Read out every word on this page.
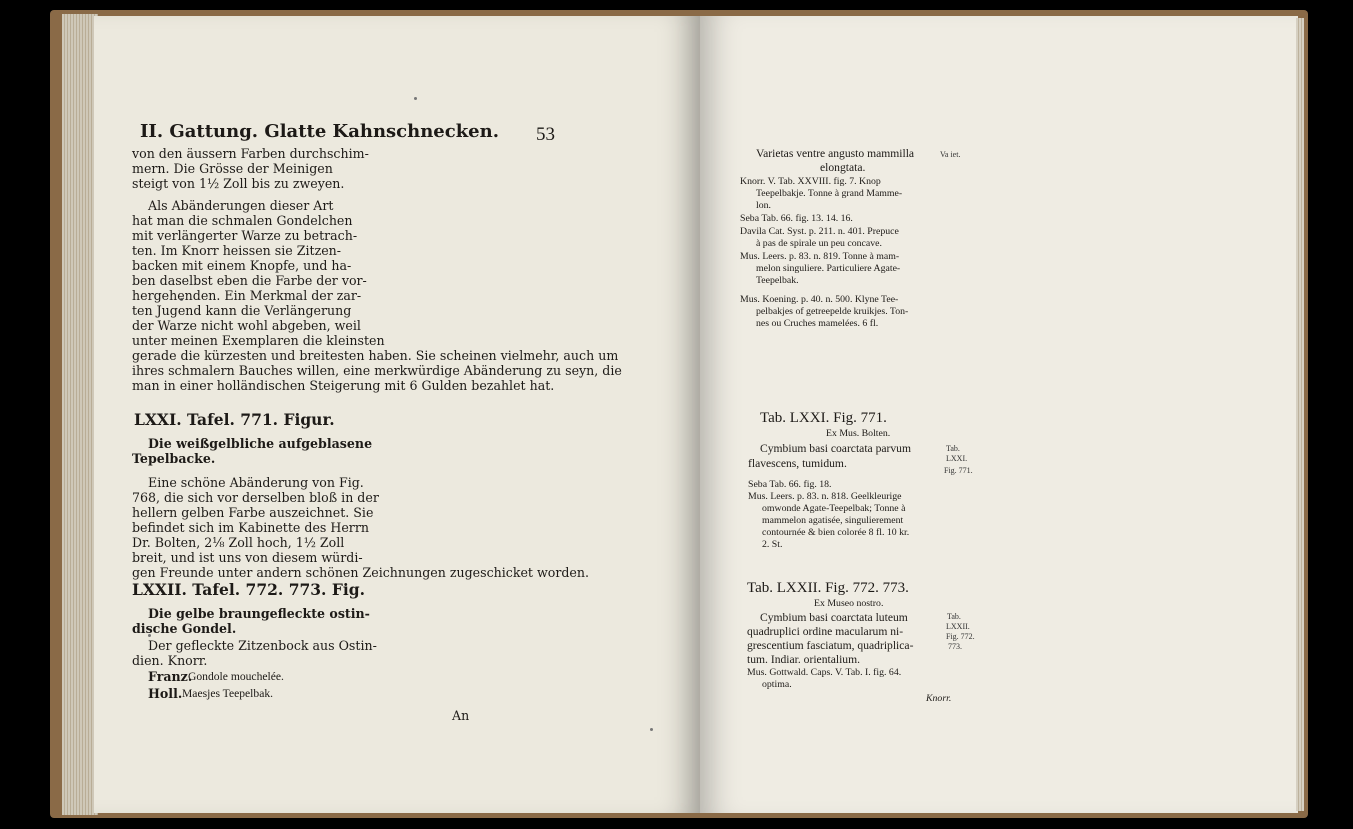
II. Gattung. Glatte Kahnschnecken. 53
von den äussern Farben durchschim-
mern. Die Grösse der Meinigen
steigt von 1½ Zoll bis zu zweyen.
Als Abänderungen dieser Art
hat man die schmalen Gondelchen
mit verlängerter Warze zu betrach-
ten. Im Knorr heissen sie Zitzen-
backen mit einem Knopfe, und ha-
ben daselbst eben die Farbe der vor-
hergehenden. Ein Merkmal der zar-
ten Jugend kann die Verlängerung
der Warze nicht wohl abgeben, weil
unter meinen Exemplaren die kleinsten
gerade die kürzesten und breitesten haben. Sie scheinen vielmehr, auch um
ihres schmalern Bauches willen, eine merkwürdige Abänderung zu seyn, die
man in einer holländischen Steigerung mit 6 Gulden bezahlet hat.
LXXI. Tafel. 771. Figur.
Die weißgelbliche aufgeblasene
Tepelbacke.
Eine schöne Abänderung von Fig.
768, die sich vor derselben bloß in der
hellern gelben Farbe auszeichnet. Sie
befindet sich im Kabinette des Herrn
Dr. Bolten, 2⅛ Zoll hoch, 1½ Zoll
breit, und ist uns von diesem würdi-
gen Freunde unter andern schönen Zeichnungen zugeschicket worden.
LXXII. Tafel. 772. 773. Fig.
Die gelbe braungefleckte ostin-
dische Gondel.
Der gefleckte Zitzenbock aus Ostin-
dien. Knorr.
Franz.
Gondole mouchelée.
Holl. Maesjes Teepelbak.
An
Varietas ventre angusto mammilla
elongtata.
Va iet.
Knorr. V. Tab. XXVIII. fig. 7. Knop
Teepelbakje. Tonne à grand Mamme-
lon.
Seba Tab. 66. fig. 13. 14. 16.
Davila Cat. Syst. p. 211. n. 401. Prepuce
à pas de spirale un peu concave.
Mus. Leers. p. 83. n. 819. Tonne à mam-
melon singuliere. Particuliere Agate-
Teepelbak.
Mus. Koening. p. 40. n. 500. Klyne Tee-
pelbakjes of getreepelde kruikjes. Ton-
nes ou Cruches mamelées. 6 fl.
Tab. LXXI. Fig. 771.
Ex Mus. Bolten.
Cymbium basi coarctata parvum
flavescens, tumidum.
Tab.
LXXI.
Fig. 771.
Seba Tab. 66. fig. 18.
Mus. Leers. p. 83. n. 818. Geelkleurige
omwonde Agate-Teepelbak; Tonne à
mammelon agatisée, singulierement
contournée & bien colorée 8 fl. 10 kr.
2. St.
Tab. LXXII. Fig. 772. 773.
Ex Museo nostro.
Cymbium basi coarctata luteum
quadruplici ordine macularum ni-
grescentium fasciatum, quadriplica-
tum. Indiar. orientalium.
Tab.
LXXII.
Fig. 772.
773.
Mus. Gottwald. Caps. V. Tab. I. fig. 64.
optima.
Knorr.
